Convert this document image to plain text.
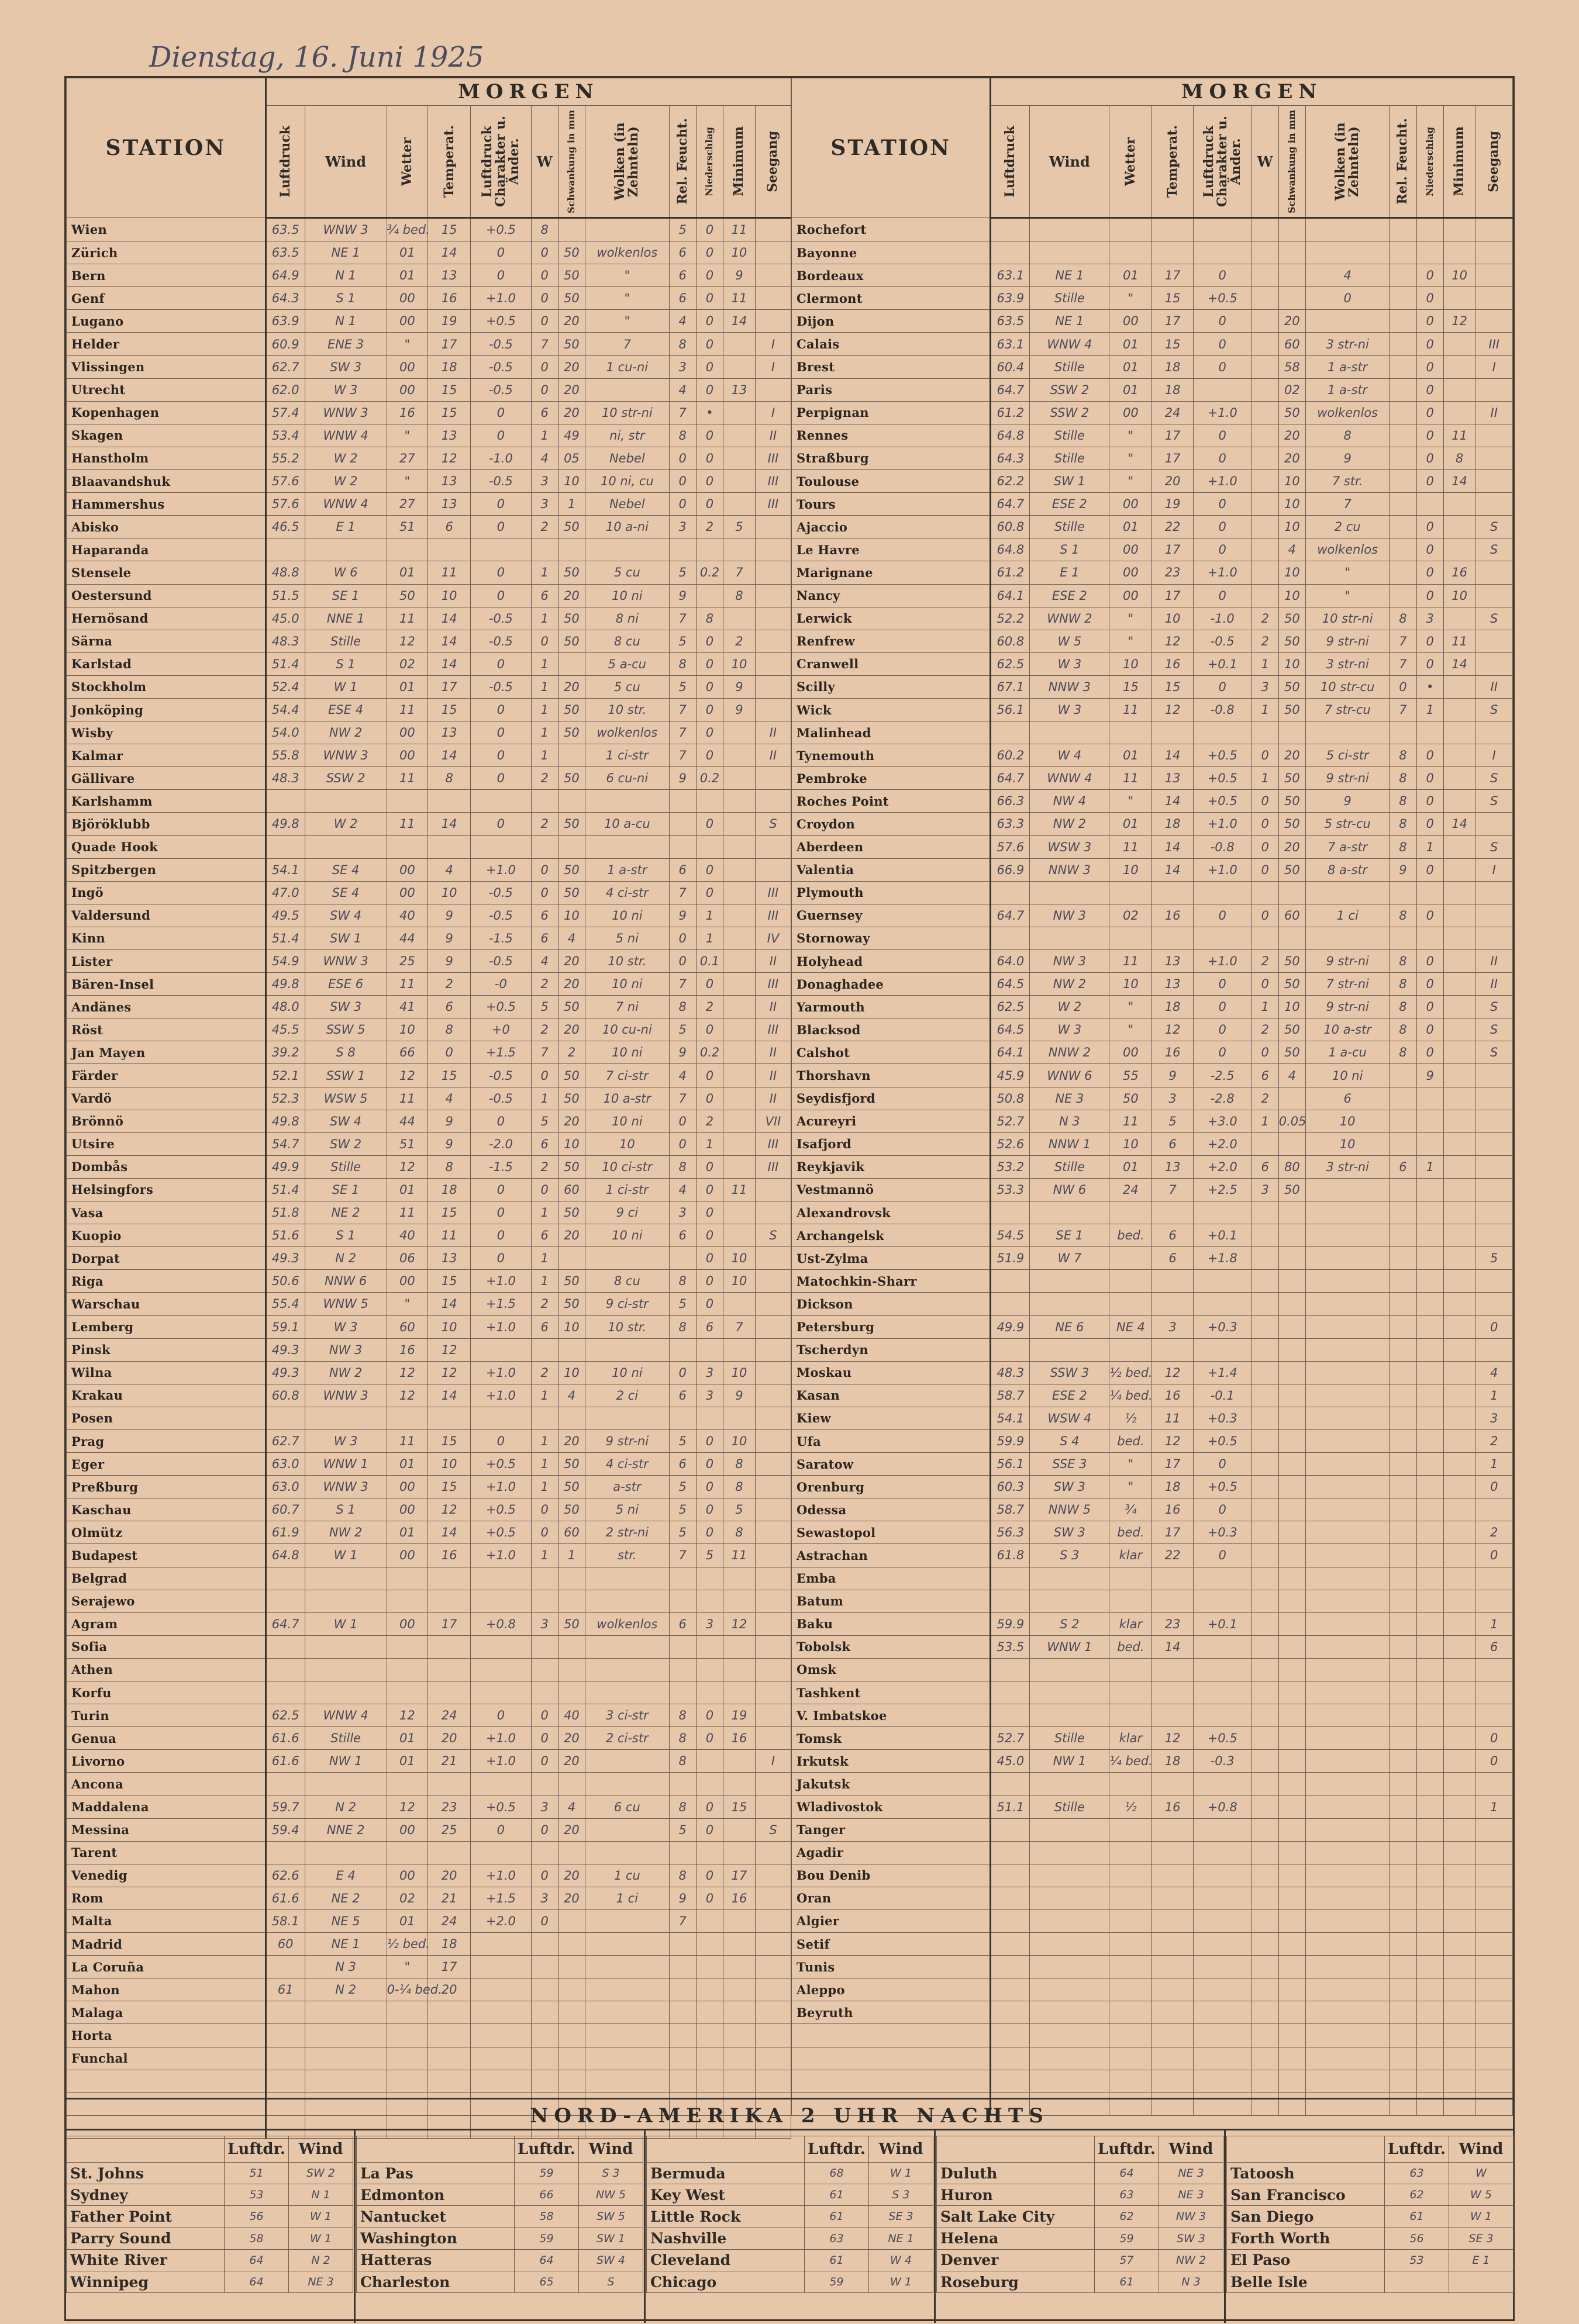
Dienstag, 16. Juni 1925
STATION	MORGEN											

	Luftdruck	Wind	Wetter	Temperat.	Luftdruck Charakter u. Änder.	W	Schwankung in mm	Wolken (in Zehnteln)	Rel. Feucht.	Niederschlag	Minimum	Seegang

Wien	63.5	WNW 3	¾ bed.	15	+0.5	8			5	0	11	
Zürich	63.5	NE 1	01	14	0	0	50	wolkenlos	6	0	10	
Bern	64.9	N 1	01	13	0	0	50	"	6	0	9	
Genf	64.3	S 1	00	16	+1.0	0	50	"	6	0	11	
Lugano	63.9	N 1	00	19	+0.5	0	20	"	4	0	14	
Helder	60.9	ENE 3	"	17	-0.5	7	50	7	8	0		I
Vlissingen	62.7	SW 3	00	18	-0.5	0	20	1 cu-ni	3	0		I
Utrecht	62.0	W 3	00	15	-0.5	0	20		4	0	13	
Kopenhagen	57.4	WNW 3	16	15	0	6	20	10 str-ni	7	•		I
Skagen	53.4	WNW 4	"	13	0	1	49	ni, str	8	0		II
Hanstholm	55.2	W 2	27	12	-1.0	4	05	Nebel	0	0		III
Blaavandshuk	57.6	W 2	"	13	-0.5	3	10	10 ni, cu	0	0		III
Hammershus	57.6	WNW 4	27	13	0	3	1	Nebel	0	0		III
Abisko	46.5	E 1	51	6	0	2	50	10 a-ni	3	2	5	
Haparanda												
Stensele	48.8	W 6	01	11	0	1	50	5 cu	5	0.2	7	
Oestersund	51.5	SE 1	50	10	0	6	20	10 ni	9		8	
Hernösand	45.0	NNE 1	11	14	-0.5	1	50	8 ni	7	8		
Särna	48.3	Stille	12	14	-0.5	0	50	8 cu	5	0	2	
Karlstad	51.4	S 1	02	14	0	1		5 a-cu	8	0	10	
Stockholm	52.4	W 1	01	17	-0.5	1	20	5 cu	5	0	9	
Jonköping	54.4	ESE 4	11	15	0	1	50	10 str.	7	0	9	
Wisby	54.0	NW 2	00	13	0	1	50	wolkenlos	7	0		II
Kalmar	55.8	WNW 3	00	14	0	1		1 ci-str	7	0		II
Gällivare	48.3	SSW 2	11	8	0	2	50	6 cu-ni	9	0.2		
Karlshamm												
Björöklubb	49.8	W 2	11	14	0	2	50	10 a-cu		0		S
Quade Hook												
Spitzbergen	54.1	SE 4	00	4	+1.0	0	50	1 a-str	6	0		
Ingö	47.0	SE 4	00	10	-0.5	0	50	4 ci-str	7	0		III
Valdersund	49.5	SW 4	40	9	-0.5	6	10	10 ni	9	1		III
Kinn	51.4	SW 1	44	9	-1.5	6	4	5 ni	0	1		IV
Lister	54.9	WNW 3	25	9	-0.5	4	20	10 str.	0	0.1		II
Bären-Insel	49.8	ESE 6	11	2	-0	2	20	10 ni	7	0		III
Andänes	48.0	SW 3	41	6	+0.5	5	50	7 ni	8	2		II
Röst	45.5	SSW 5	10	8	+0	2	20	10 cu-ni	5	0		III
Jan Mayen	39.2	S 8	66	0	+1.5	7	2	10 ni	9	0.2		II
Färder	52.1	SSW 1	12	15	-0.5	0	50	7 ci-str	4	0		II
Vardö	52.3	WSW 5	11	4	-0.5	1	50	10 a-str	7	0		II
Brönnö	49.8	SW 4	44	9	0	5	20	10 ni	0	2		VII
Utsire	54.7	SW 2	51	9	-2.0	6	10	10	0	1		III
Dombås	49.9	Stille	12	8	-1.5	2	50	10 ci-str	8	0		III
Helsingfors	51.4	SE 1	01	18	0	0	60	1 ci-str	4	0	11	
Vasa	51.8	NE 2	11	15	0	1	50	9 ci	3	0		
Kuopio	51.6	S 1	40	11	0	6	20	10 ni	6	0		S
Dorpat	49.3	N 2	06	13	0	1				0	10	
Riga	50.6	NNW 6	00	15	+1.0	1	50	8 cu	8	0	10	
Warschau	55.4	WNW 5	"	14	+1.5	2	50	9 ci-str	5	0		
Lemberg	59.1	W 3	60	10	+1.0	6	10	10 str.	8	6	7	
Pinsk	49.3	NW 3	16	12								
Wilna	49.3	NW 2	12	12	+1.0	2	10	10 ni	0	3	10	
Krakau	60.8	WNW 3	12	14	+1.0	1	4	2 ci	6	3	9	
Posen												
Prag	62.7	W 3	11	15	0	1	20	9 str-ni	5	0	10	
Eger	63.0	WNW 1	01	10	+0.5	1	50	4 ci-str	6	0	8	
Preßburg	63.0	WNW 3	00	15	+1.0	1	50	a-str	5	0	8	
Kaschau	60.7	S 1	00	12	+0.5	0	50	5 ni	5	0	5	
Olmütz	61.9	NW 2	01	14	+0.5	0	60	2 str-ni	5	0	8	
Budapest	64.8	W 1	00	16	+1.0	1	1	str.	7	5	11	
Belgrad												
Serajewo												
Agram	64.7	W 1	00	17	+0.8	3	50	wolkenlos	6	3	12	
Sofia												
Athen												
Korfu												
Turin	62.5	WNW 4	12	24	0	0	40	3 ci-str	8	0	19	
Genua	61.6	Stille	01	20	+1.0	0	20	2 ci-str	8	0	16	
Livorno	61.6	NW 1	01	21	+1.0	0	20		8			I
Ancona												
Maddalena	59.7	N 2	12	23	+0.5	3	4	6 cu	8	0	15	
Messina	59.4	NNE 2	00	25	0	0	20		5	0		S
Tarent												
Venedig	62.6	E 4	00	20	+1.0	0	20	1 cu	8	0	17	
Rom	61.6	NE 2	02	21	+1.5	3	20	1 ci	9	0	16	
Malta	58.1	NE 5	01	24	+2.0	0			7			
Madrid	60	NE 1	½ bed.	18								
La Coruña		N 3	"	17								
Mahon	61	N 2	0-¼ bed.	20								
Malaga												
Horta												
Funchal												

STATION	MORGEN											

	Luftdruck	Wind	Wetter	Temperat.	Luftdruck Charakter u. Änder.	W	Schwankung in mm	Wolken (in Zehnteln)	Rel. Feucht.	Niederschlag	Minimum	Seegang

Rochefort												
Bayonne												
Bordeaux	63.1	NE 1	01	17	0			4		0	10	
Clermont	63.9	Stille	"	15	+0.5			0		0		
Dijon	63.5	NE 1	00	17	0		20			0	12	
Calais	63.1	WNW 4	01	15	0		60	3 str-ni		0		III
Brest	60.4	Stille	01	18	0		58	1 a-str		0		I
Paris	64.7	SSW 2	01	18			02	1 a-str		0		
Perpignan	61.2	SSW 2	00	24	+1.0		50	wolkenlos		0		II
Rennes	64.8	Stille	"	17	0		20	8		0	11	
Straßburg	64.3	Stille	"	17	0		20	9		0	8	
Toulouse	62.2	SW 1	"	20	+1.0		10	7 str.		0	14	
Tours	64.7	ESE 2	00	19	0		10	7				
Ajaccio	60.8	Stille	01	22	0		10	2 cu		0		S
Le Havre	64.8	S 1	00	17	0		4	wolkenlos		0		S
Marignane	61.2	E 1	00	23	+1.0		10	"		0	16	
Nancy	64.1	ESE 2	00	17	0		10	"		0	10	
Lerwick	52.2	WNW 2	"	10	-1.0	2	50	10 str-ni	8	3		S
Renfrew	60.8	W 5	"	12	-0.5	2	50	9 str-ni	7	0	11	
Cranwell	62.5	W 3	10	16	+0.1	1	10	3 str-ni	7	0	14	
Scilly	67.1	NNW 3	15	15	0	3	50	10 str-cu	0	•		II
Wick	56.1	W 3	11	12	-0.8	1	50	7 str-cu	7	1		S
Malinhead												
Tynemouth	60.2	W 4	01	14	+0.5	0	20	5 ci-str	8	0		I
Pembroke	64.7	WNW 4	11	13	+0.5	1	50	9 str-ni	8	0		S
Roches Point	66.3	NW 4	"	14	+0.5	0	50	9	8	0		S
Croydon	63.3	NW 2	01	18	+1.0	0	50	5 str-cu	8	0	14	
Aberdeen	57.6	WSW 3	11	14	-0.8	0	20	7 a-str	8	1		S
Valentia	66.9	NNW 3	10	14	+1.0	0	50	8 a-str	9	0		I
Plymouth												
Guernsey	64.7	NW 3	02	16	0	0	60	1 ci	8	0		
Stornoway												
Holyhead	64.0	NW 3	11	13	+1.0	2	50	9 str-ni	8	0		II
Donaghadee	64.5	NW 2	10	13	0	0	50	7 str-ni	8	0		II
Yarmouth	62.5	W 2	"	18	0	1	10	9 str-ni	8	0		S
Blacksod	64.5	W 3	"	12	0	2	50	10 a-str	8	0		S
Calshot	64.1	NNW 2	00	16	0	0	50	1 a-cu	8	0		S
Thorshavn	45.9	WNW 6	55	9	-2.5	6	4	10 ni		9		
Seydisfjord	50.8	NE 3	50	3	-2.8	2		6				
Acureyri	52.7	N 3	11	5	+3.0	1	0.05	10				
Isafjord	52.6	NNW 1	10	6	+2.0			10				
Reykjavik	53.2	Stille	01	13	+2.0	6	80	3 str-ni	6	1		
Vestmannö	53.3	NW 6	24	7	+2.5	3	50					
Alexandrovsk												
Archangelsk	54.5	SE 1	bed.	6	+0.1							
Ust-Zylma	51.9	W 7		6	+1.8							5
Matochkin-Sharr												
Dickson												
Petersburg	49.9	NE 6	NE 4	3	+0.3							0
Tscherdyn												
Moskau	48.3	SSW 3	½ bed.	12	+1.4							4
Kasan	58.7	ESE 2	¼ bed.	16	-0.1							1
Kiew	54.1	WSW 4	½	11	+0.3							3
Ufa	59.9	S 4	bed.	12	+0.5							2
Saratow	56.1	SSE 3	"	17	0							1
Orenburg	60.3	SW 3	"	18	+0.5							0
Odessa	58.7	NNW 5	¾	16	0							
Sewastopol	56.3	SW 3	bed.	17	+0.3							2
Astrachan	61.8	S 3	klar	22	0							0
Emba												
Batum												
Baku	59.9	S 2	klar	23	+0.1							1
Tobolsk	53.5	WNW 1	bed.	14								6
Omsk												
Tashkent												
V. Imbatskoe												
Tomsk	52.7	Stille	klar	12	+0.5							0
Irkutsk	45.0	NW 1	¼ bed.	18	-0.3							0
Jakutsk												
Wladivostok	51.1	Stille	½	16	+0.8							1
Tanger												
Agadir												
Bou Denib												
Oran												
Algier												
Setif												
Tunis												
Aleppo												
Beyruth												

NORD-AMERIKA 2 UHR NACHTS
	Luftdr.	Wind
St. Johns	51	SW 2
Sydney	53	N 1
Father Point	56	W 1
Parry Sound	58	W 1
White River	64	N 2
Winnipeg	64	NE 3
	Luftdr.	Wind
La Pas	59	S 3
Edmonton	66	NW 5
Nantucket	58	SW 5
Washington	59	SW 1
Hatteras	64	SW 4
Charleston	65	S
	Luftdr.	Wind
Bermuda	68	W 1
Key West	61	S 3
Little Rock	61	SE 3
Nashville	63	NE 1
Cleveland	61	W 4
Chicago	59	W 1
	Luftdr.	Wind
Duluth	64	NE 3
Huron	63	NE 3
Salt Lake City	62	NW 3
Helena	59	SW 3
Denver	57	NW 2
Roseburg	61	N 3
	Luftdr.	Wind
Tatoosh	63	W
San Francisco	62	W 5
San Diego	61	W 1
Forth Worth	56	SE 3
El Paso	53	E 1
Belle Isle		
